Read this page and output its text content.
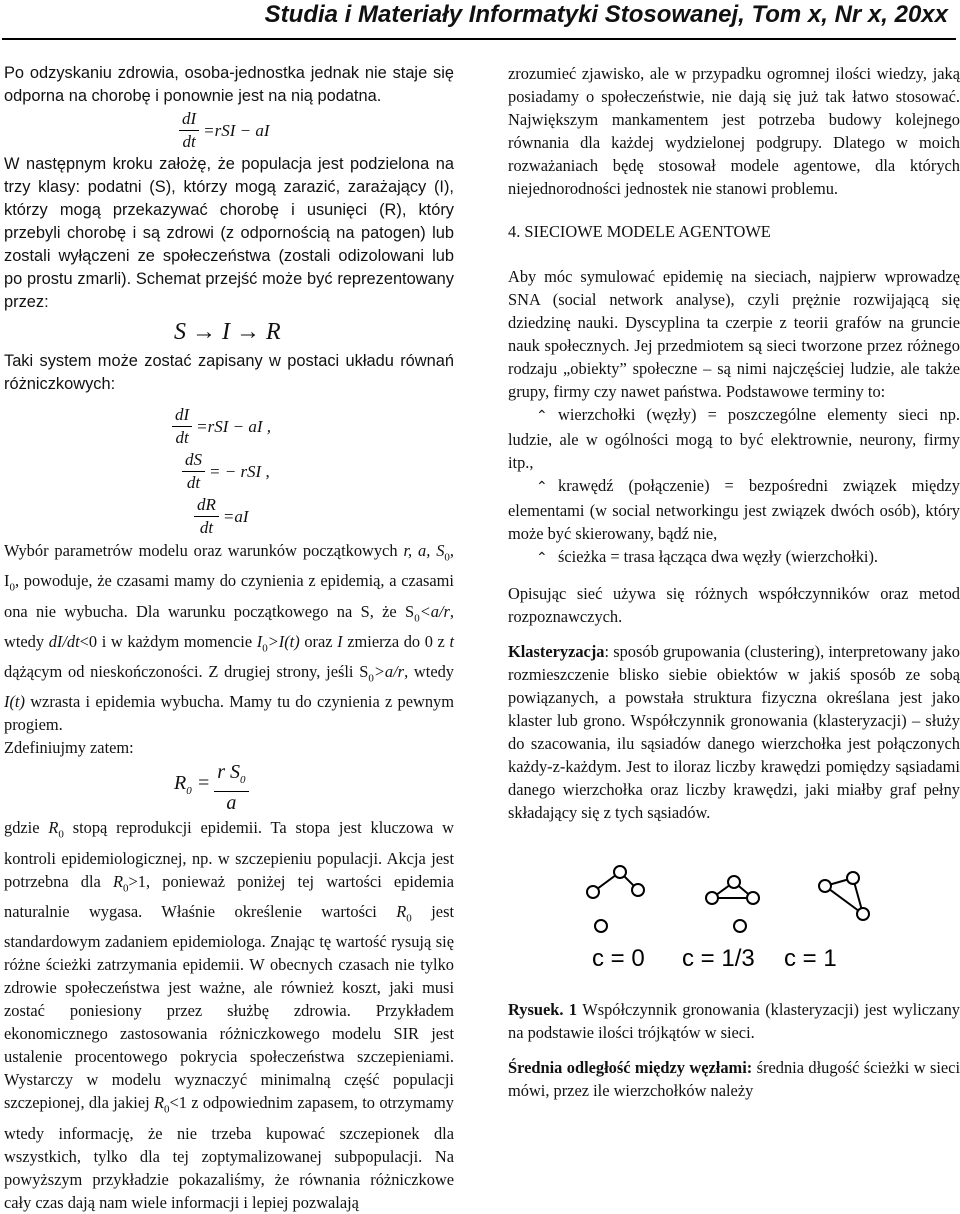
Studia i Materiały Informatyki Stosowanej, Tom x, Nr x, 20xx

Po odzyskaniu zdrowia, osoba-jednostka jednak nie staje się odporna na chorobę i ponownie jest na nią podatna.

$\frac{dI}{dt} =rSI$ − aI

W następnym kroku założę, że populacja jest podzielona na trzy klasy: podatni (S), którzy mogą zarazić, zarażający (I), którzy mogą przekazywać chorobę i usunięci (R), który przebyli chorobę i są zdrowi (z odpornością na patogen) lub zostali wyłączeni ze społeczeństwa (zostali odizolowani lub po prostu zmarli). Schemat przejść może być reprezentowany przez:

S → I → R

Taki system może zostać zapisany w postaci układu równań różniczkowych:

$\frac{dI}{dt} =rSI$ − aI ,
$\frac{dS}{dt}$ = − rSI ,
$\frac{dR}{dt} =aI$

Wybór parametrów modelu oraz warunków początkowych r, a, $S_0$, $I_0$, powoduje, że czasami mamy do czynienia z epidemią, a czasami ona nie wybucha. Dla warunku początkowego na S, że $S_0<a/r$, wtedy dI/dt<0 i w każdym momencie $I_0>I(t)$ oraz I zmierza do 0 z t dążącym od nieskończoności. Z drugiej strony, jeśli $S_0>a/r$, wtedy I(t) wzrasta i epidemia wybucha. Mamy tu do czynienia z pewnym progiem.

Zdefiniujmy zatem:

$R_0 = \frac{r S_0}{a}$

gdzie $R_0$ stopą reprodukcji epidemii. Ta stopa jest kluczowa w kontroli epidemiologicznej, np. w szczepieniu populacji. Akcja jest potrzebna dla $R_0>1$, ponieważ poniżej tej wartości epidemia naturalnie wygasa. Właśnie określenie wartości $R_0$ jest standardowym zadaniem epidemiologa. Znając tę wartość rysują się różne ścieżki zatrzymania epidemii. W obecnych czasach nie tylko zdrowie społeczeństwa jest ważne, ale również koszt, jaki musi zostać poniesiony przez służbę zdrowia. Przykładem ekonomicznego zastosowania różniczkowego modelu SIR jest ustalenie procentowego pokrycia społeczeństwa szczepieniami. Wystarczy w modelu wyznaczyć minimalną część populacji szczepionej, dla jakiej $R_0<1$ z odpowiednim zapasem, to otrzymamy wtedy informację, że nie trzeba kupować szczepionek dla wszystkich, tylko dla tej zoptymalizowanej subpopulacji. Na powyższym przykładzie pokazaliśmy, że równania różniczkowe cały czas dają nam wiele informacji i lepiej pozwalają

zrozumieć zjawisko, ale w przypadku ogromnej ilości wiedzy, jaką posiadamy o społeczeństwie, nie dają się już tak łatwo stosować. Największym mankamentem jest potrzeba budowy kolejnego równania dla każdej wydzielonej podgrupy. Dlatego w moich rozważaniach będę stosował modele agentowe, dla których niejednorodności jednostek nie stanowi problemu.

4. SIECIOWE MODELE AGENTOWE

Aby móc symulować epidemię na sieciach, najpierw wprowadzę SNA (social network analyse), czyli prężnie rozwijającą się dziedzinę nauki. Dyscyplina ta czerpie z teorii grafów na gruncie nauk społecznych. Jej przedmiotem są sieci tworzone przez różnego rodzaju „obiekty” społeczne – są nimi najczęściej ludzie, ale także grupy, firmy czy nawet państwa. Podstawowe terminy to:

⌃ wierzchołki (węzły) = poszczególne elementy sieci np. ludzie, ale w ogólności mogą to być elektrownie, neurony, firmy itp.,

⌃ krawędź (połączenie) = bezpośredni związek między elementami (w social networkingu jest związek dwóch osób), który może być skierowany, bądź nie,

⌃ ścieżka = trasa łącząca dwa węzły (wierzchołki).

Opisując sieć używa się różnych współczynników oraz metod rozpoznawczych.

Klasteryzacja: sposób grupowania (clustering), interpretowany jako rozmieszczenie blisko siebie obiektów w jakiś sposób ze sobą powiązanych, a powstała struktura fizyczna określana jest jako klaster lub grono. Współczynnik gronowania (klasteryzacji) – służy do szacowania, ilu sąsiadów danego wierzchołka jest połączonych każdy-z-każdym. Jest to iloraz liczby krawędzi pomiędzy sąsiadami danego wierzchołka oraz liczby krawędzi, jaki miałby graf pełny składający się z tych sąsiadów.

c = 0 c = 1/3 c = 1

Rysuek. 1 Współczynnik gronowania (klasteryzacji) jest wyliczany na podstawie ilości trójkątów w sieci.

Średnia odległość między węzłami: średnia długość ścieżki w sieci mówi, przez ile wierzchołków należy
